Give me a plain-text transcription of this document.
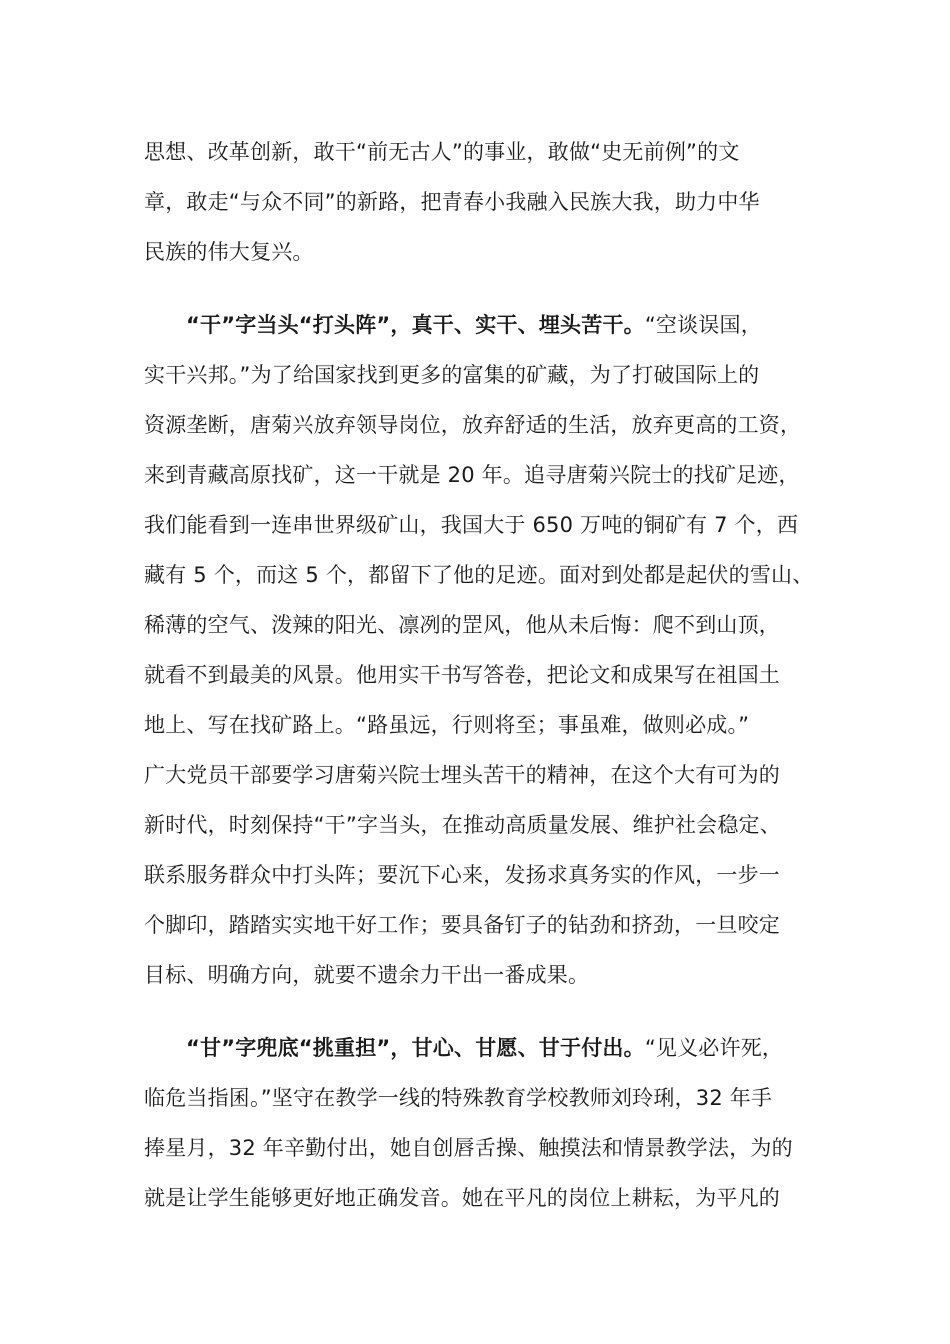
思想、改革创新，敢干“前无古人”的事业，敢做“史无前例”的文
章，敢走“与众不同”的新路，把青春小我融入民族大我，助力中华
民族的伟大复兴。
“干”字当头“打头阵”，真干、实干、埋头苦干。“空谈误国，
实干兴邦。”为了给国家找到更多的富集的矿藏，为了打破国际上的
资源垄断，唐菊兴放弃领导岗位，放弃舒适的生活，放弃更高的工资，
来到青藏高原找矿，这一干就是 20 年。追寻唐菊兴院士的找矿足迹，
我们能看到一连串世界级矿山，我国大于 650 万吨的铜矿有 7 个，西
藏有 5 个，而这 5 个，都留下了他的足迹。面对到处都是起伏的雪山、
稀薄的空气、泼辣的阳光、凛冽的罡风，他从未后悔：爬不到山顶，
就看不到最美的风景。他用实干书写答卷，把论文和成果写在祖国土
地上、写在找矿路上。“路虽远，行则将至；事虽难，做则必成。”
广大党员干部要学习唐菊兴院士埋头苦干的精神，在这个大有可为的
新时代，时刻保持“干”字当头，在推动高质量发展、维护社会稳定、
联系服务群众中打头阵；要沉下心来，发扬求真务实的作风，一步一
个脚印，踏踏实实地干好工作；要具备钉子的钻劲和挤劲，一旦咬定
目标、明确方向，就要不遗余力干出一番成果。
“甘”字兜底“挑重担”，甘心、甘愿、甘于付出。“见义必许死，
临危当指囷。”坚守在教学一线的特殊教育学校教师刘玲琍，32 年手
捧星月，32 年辛勤付出，她自创唇舌操、触摸法和情景教学法，为的
就是让学生能够更好地正确发音。她在平凡的岗位上耕耘，为平凡的
